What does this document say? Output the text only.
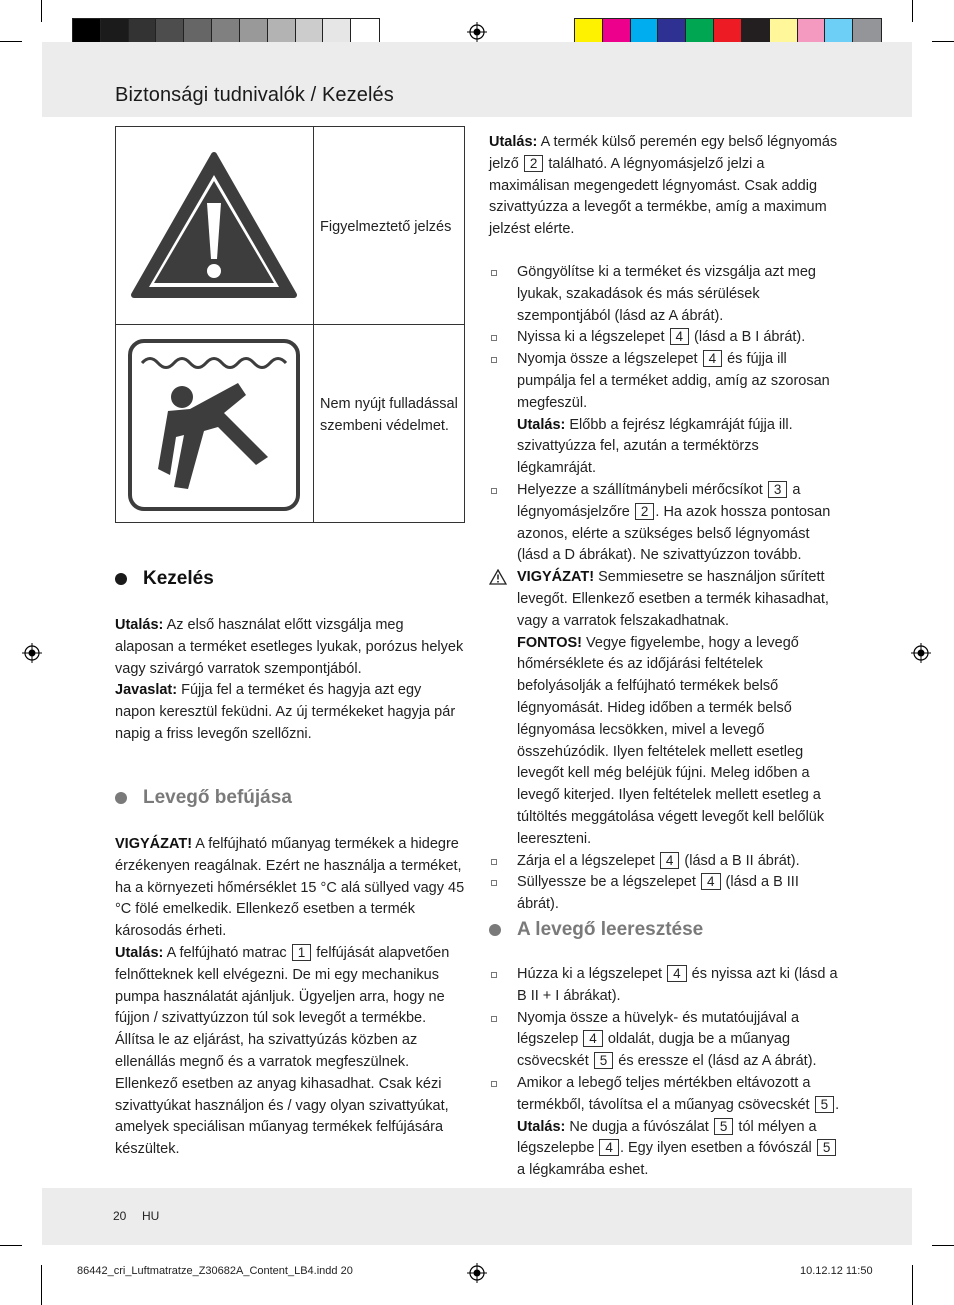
Biztonsági tudnivalók / Kezelés
Figyelmeztető jelzés
Nem nyújt fulladással szembeni védelmet.
Kezelés

Utalás: Az első használat előtt vizsgálja meg alaposan a terméket esetleges lyukak, porózus helyek vagy szivárgó varratok szempontjából.

Javaslat: Fújja fel a terméket és hagyja azt egy napon keresztül feküdni. Az új termékeket hagyja pár napig a friss levegőn szellőzni.

Levegő befújása

VIGYÁZAT! A felfújható műanyag termékek a hidegre érzékenyen reagálnak. Ezért ne használja a terméket, ha a környezeti hőmérséklet 15 °C alá süllyed vagy 45 °C fölé emelkedik. Ellenkező esetben a termék károsodás érheti.

Utalás: A felfújható matrac 1 felfújását alapvetően felnőtteknek kell elvégezni. De mi egy mechanikus pumpa használatát ajánljuk. Ügyeljen arra, hogy ne fújjon / szivattyúzzon túl sok levegőt a termékbe. Állítsa le az eljárást, ha szivattyúzás közben az ellenállás megnő és a varratok megfeszülnek. Ellenkező esetben az anyag kihasadhat. Csak kézi szivattyúkat használjon és / vagy olyan szivattyúkat, amelyek speciálisan műanyag termékek felfújására készültek.

Utalás: A termék külső peremén egy belső légnyomás jelző 2 található. A légnyomásjelző jelzi a maximálisan megengedett légnyomást. Csak addig szivattyúzza a levegőt a termékbe, amíg a maximum jelzést elérte.

Göngyölítse ki a terméket és vizsgálja azt meg lyukak, szakadások és más sérülések szempontjából (lásd az A ábrát).
Nyissa ki a légszelepet 4 (lásd a B I ábrát).
Nyomja össze a légszelepet 4 és fújja ill pumpálja fel a terméket addig, amíg az szorosan megfeszül.
Utalás: Előbb a fejrész légkamráját fújja ill. szivattyúzza fel, azután a terméktörzs légkamráját.
Helyezze a szállítmánybeli mérőcsíkot 3 a légnyomásjelzőre 2 . Ha azok hossza pontosan azonos, elérte a szükséges belső légnyomást (lásd a D ábrákat). Ne szivattyúzzon tovább.
VIGYÁZAT! Semmiesetre se használjon sűrített levegőt. Ellenkező esetben a termék kihasadhat, vagy a varratok felszakadhatnak.
FONTOS! Vegye figyelembe, hogy a levegő hőmérséklete és az időjárási feltételek befolyásolják a felfújható termékek belső légnyomását. Hideg időben a termék belső légnyomása lecsökken, mivel a levegő összehúzódik. Ilyen feltételek mellett esetleg levegőt kell még beléjük fújni. Meleg időben a levegő kiterjed. Ilyen feltételek mellett esetleg a túltöltés meggátolása végett levegőt kell belőlük leereszteni.
Zárja el a légszelepet 4 (lásd a B II ábrát).
Süllyessze be a légszelepet 4 (lásd a B III ábrát).
A levegő leeresztése
Húzza ki a légszelepet 4 és nyissa azt ki (lásd a B II + I ábrákat).
Nyomja össze a hüvelyk- és mutatóujjával a légszelep 4 oldalát, dugja be a műanyag csövecskét 5 és eressze el (lásd az A ábrát).
Amikor a lebegő teljes mértékben eltávozott a termékből, távolítsa el a műanyag csövecskét 5 .
Utalás: Ne dugja a fúvószálat 5 tól mélyen a légszelepbe 4 . Egy ilyen esetben a fóvószál 5 a légkamrába eshet.
20 HU
86442_cri_Luftmatratze_Z30682A_Content_LB4.indd 20	10.12.12 11:50
